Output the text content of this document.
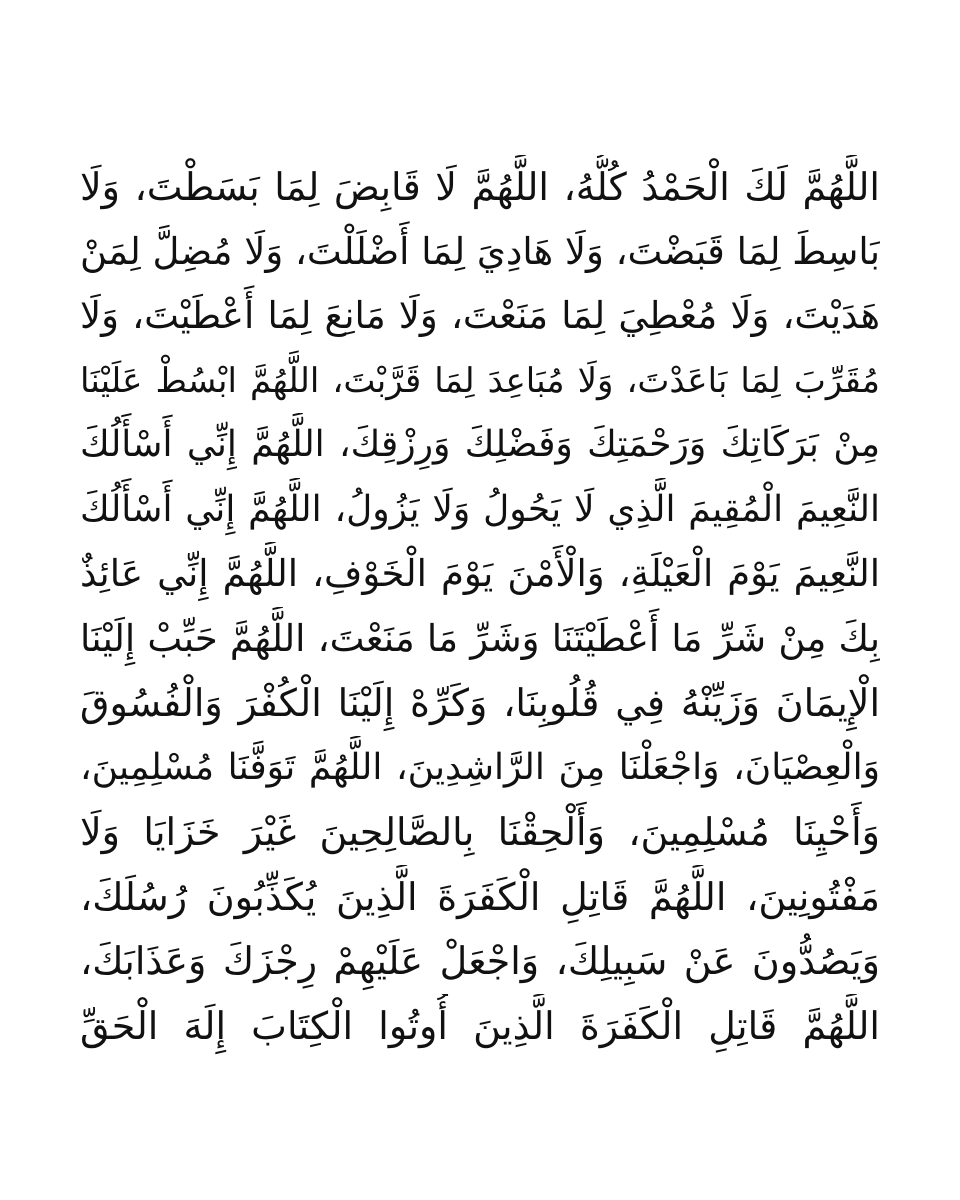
اللَّهُمَّ لَكَ الْحَمْدُ كُلُّهُ، اللَّهُمَّ لَا قَابِضَ لِمَا بَسَطْتَ، وَلَا
بَاسِطَ لِمَا قَبَضْتَ، وَلَا هَادِيَ لِمَا أَضْلَلْتَ، وَلَا مُضِلَّ لِمَنْ
هَدَيْتَ، وَلَا مُعْطِيَ لِمَا مَنَعْتَ، وَلَا مَانِعَ لِمَا أَعْطَيْتَ، وَلَا
مُقَرِّبَ لِمَا بَاعَدْتَ، وَلَا مُبَاعِدَ لِمَا قَرَّبْتَ، اللَّهُمَّ ابْسُطْ عَلَيْنَا
مِنْ بَرَكَاتِكَ وَرَحْمَتِكَ وَفَضْلِكَ وَرِزْقِكَ، اللَّهُمَّ إِنِّي أَسْأَلُكَ
النَّعِيمَ الْمُقِيمَ الَّذِي لَا يَحُولُ وَلَا يَزُولُ، اللَّهُمَّ إِنِّي أَسْأَلُكَ
النَّعِيمَ يَوْمَ الْعَيْلَةِ، وَالْأَمْنَ يَوْمَ الْخَوْفِ، اللَّهُمَّ إِنِّي عَائِذٌ
بِكَ مِنْ شَرِّ مَا أَعْطَيْتَنَا وَشَرِّ مَا مَنَعْتَ، اللَّهُمَّ حَبِّبْ إِلَيْنَا
الْإِيمَانَ وَزَيِّنْهُ فِي قُلُوبِنَا، وَكَرِّهْ إِلَيْنَا الْكُفْرَ وَالْفُسُوقَ
وَالْعِصْيَانَ، وَاجْعَلْنَا مِنَ الرَّاشِدِينَ، اللَّهُمَّ تَوَفَّنَا مُسْلِمِينَ،
وَأَحْيِنَا مُسْلِمِينَ، وَأَلْحِقْنَا بِالصَّالِحِينَ غَيْرَ خَزَايَا وَلَا
مَفْتُونِينَ، اللَّهُمَّ قَاتِلِ الْكَفَرَةَ الَّذِينَ يُكَذِّبُونَ رُسُلَكَ،
وَيَصُدُّونَ عَنْ سَبِيلِكَ، وَاجْعَلْ عَلَيْهِمْ رِجْزَكَ وَعَذَابَكَ،
اللَّهُمَّ قَاتِلِ الْكَفَرَةَ الَّذِينَ أُوتُوا الْكِتَابَ إِلَهَ الْحَقِّ
